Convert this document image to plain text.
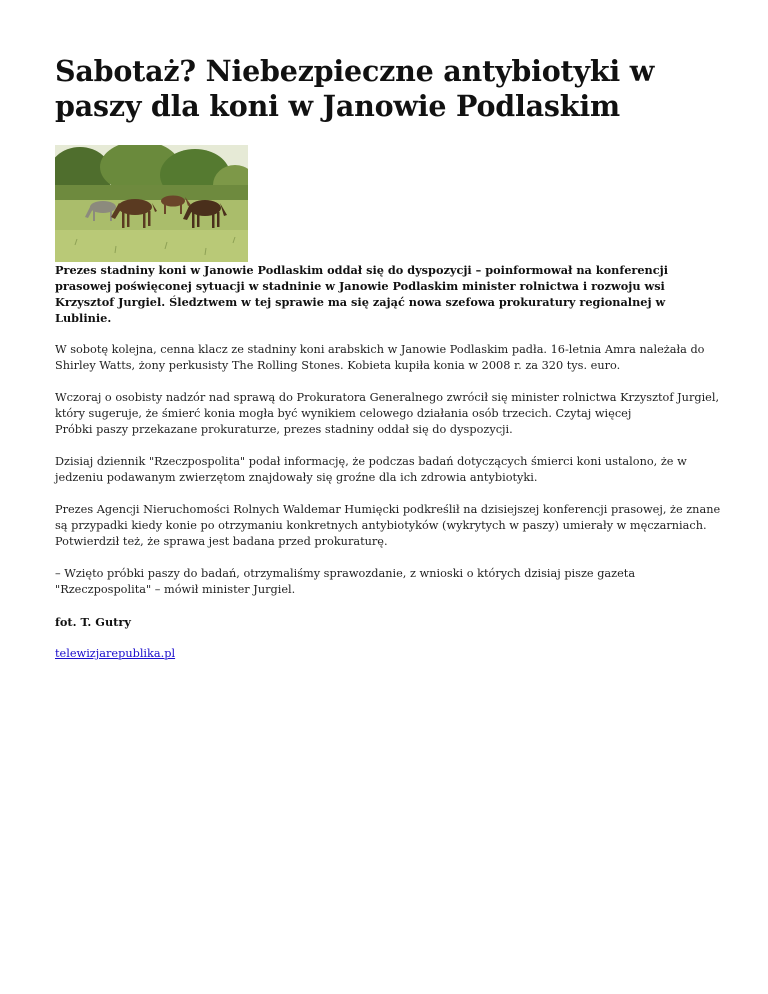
Sabotaż? Niebezpieczne antybiotyki w paszy dla koni w Janowie Podlaskim

Prezes stadniny koni w Janowie Podlaskim oddał się do dyspozycji – poinformował na konferencji prasowej poświęconej sytuacji w stadninie w Janowie Podlaskim minister rolnictwa i rozwoju wsi Krzysztof Jurgiel. Śledztwem w tej sprawie ma się zająć nowa szefowa prokuratury regionalnej w Lublinie.

W sobotę kolejna, cenna klacz ze stadniny koni arabskich w Janowie Podlaskim padła. 16-letnia Amra należała do Shirley Watts, żony perkusisty The Rolling Stones. Kobieta kupiła konia w 2008 r. za 320 tys. euro.

Wczoraj o osobisty nadzór nad sprawą do Prokuratora Generalnego zwrócił się minister rolnictwa Krzysztof Jurgiel, który sugeruje, że śmierć konia mogła być wynikiem celowego działania osób trzecich. Czytaj więcej
Próbki paszy przekazane prokuraturze, prezes stadniny oddał się do dyspozycji.

Dzisiaj dziennik "Rzeczpospolita" podał informację, że podczas badań dotyczących śmierci koni ustalono, że w jedzeniu podawanym zwierzętom znajdowały się groźne dla ich zdrowia antybiotyki.

Prezes Agencji Nieruchomości Rolnych Waldemar Humięcki podkreślił na dzisiejszej konferencji prasowej, że znane są przypadki kiedy konie po otrzymaniu konkretnych antybiotyków (wykrytych w paszy) umierały w męczarniach. Potwierdził też, że sprawa jest badana przed prokuraturę.

– Wzięto próbki paszy do badań, otrzymaliśmy sprawozdanie, z wnioski o których dzisiaj pisze gazeta "Rzeczpospolita" – mówił minister Jurgiel.

fot. T. Gutry

telewizjarepublika.pl
